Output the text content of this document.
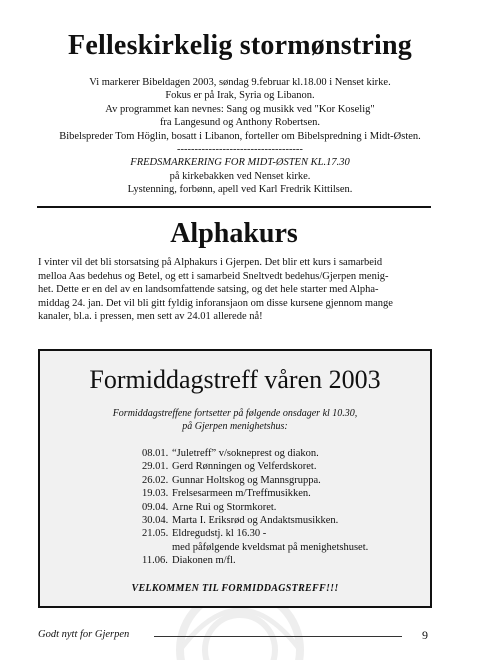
Felleskirkelig stormønstring
Vi markerer Bibeldagen 2003, søndag 9.februar kl.18.00 i Nenset kirke.
Fokus er på Irak, Syria og Libanon.
Av programmet kan nevnes: Sang og musikk ved "Kor Koselig"
fra Langesund og Anthony Robertsen.
Bibelspreder Tom Höglin, bosatt i Libanon, forteller om Bibelspredning i Midt-Østen.
------------------------------------
FREDSMARKERING FOR MIDT-ØSTEN KL.17.30
på kirkebakken ved Nenset kirke.
Lystenning, forbønn, apell ved Karl Fredrik Kittilsen.
Alphakurs
I vinter vil det bli storsatsing på Alphakurs i Gjerpen. Det blir ett kurs i samarbeid
melloa Aas bedehus og Betel, og ett i samarbeid Sneltvedt bedehus/Gjerpen menig-
het. Dette er en del av en landsomfattende satsing, og det hele starter med Alpha-
middag 24. jan. Det vil bli gitt fyldig inforansjaon om disse kursene gjennom mange
kanaler, bl.a. i pressen, men sett av 24.01 allerede nå!
Formiddagstreff våren 2003
Formiddagstreffene fortsetter på følgende onsdager kl 10.30,
på Gjerpen menighetshus:
08.01. “Juletreff” v/sokneprest og diakon.
29.01. Gerd Rønningen og Velferdskoret.
26.02. Gunnar Holtskog og Mannsgruppa.
19.03. Frelsesarmeen m/Treffmusikken.
09.04. Arne Rui og Stormkoret.
30.04. Marta I. Eriksrød og Andaktsmusikken.
21.05. Eldregudstj. kl 16.30 -
med påfølgende kveldsmat på menighetshuset.
11.06. Diakonen m/fl.
VELKOMMEN TIL FORMIDDAGSTREFF!!!
Godt nytt for Gjerpen	9
